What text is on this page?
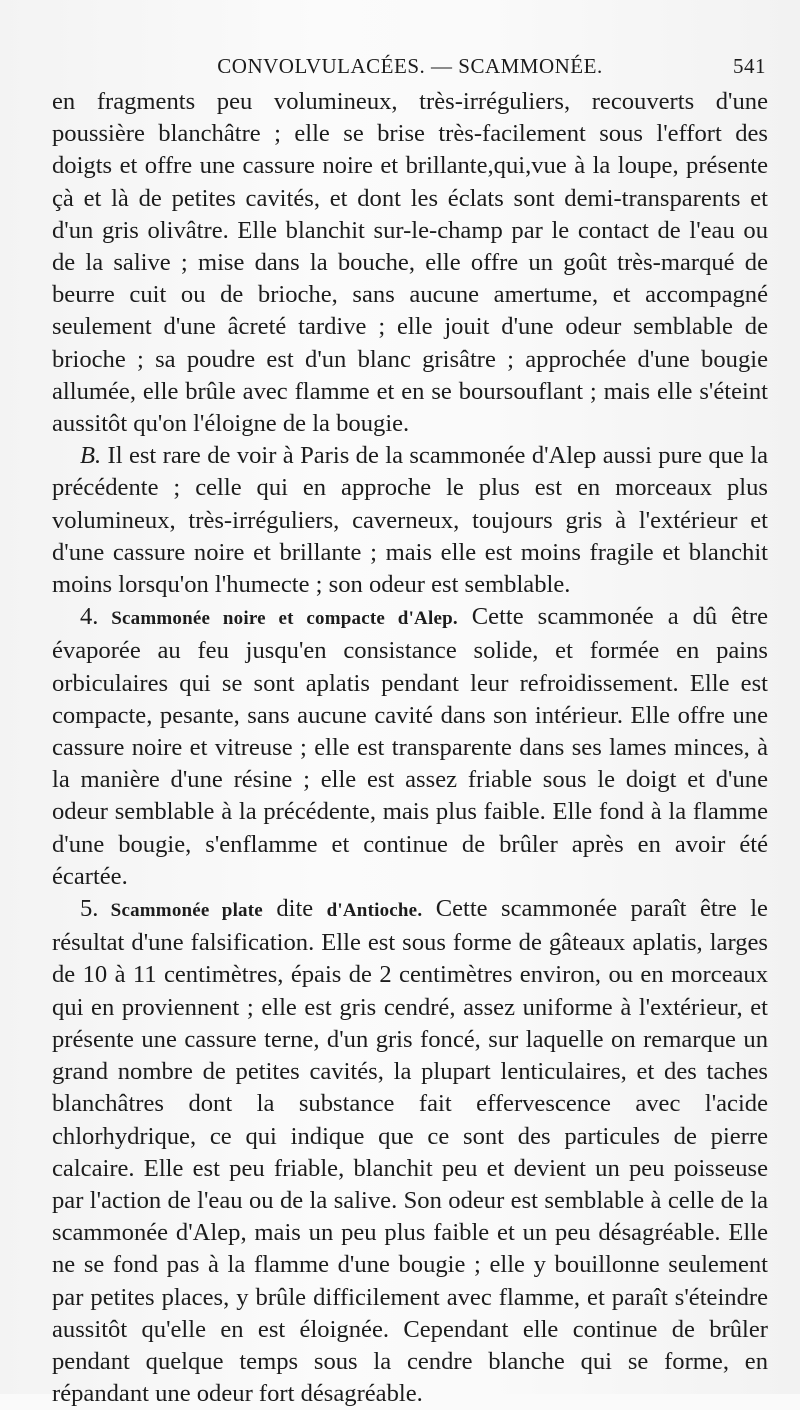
CONVOLVULACÉES. — SCAMMONÉE.	541

en fragments peu volumineux, très-irréguliers, recouverts d'une poussière blanchâtre ; elle se brise très-facilement sous l'effort des doigts et offre une cassure noire et brillante,qui,vue à la loupe, présente çà et là de petites cavités, et dont les éclats sont demi-transparents et d'un gris olivâtre. Elle blanchit sur-le-champ par le contact de l'eau ou de la salive ; mise dans la bouche, elle offre un goût très-marqué de beurre cuit ou de brioche, sans aucune amertume, et accompagné seulement d'une âcreté tardive ; elle jouit d'une odeur semblable de brioche ; sa poudre est d'un blanc grisâtre ; approchée d'une bougie allumée, elle brûle avec flamme et en se boursouflant ; mais elle s'éteint aussitôt qu'on l'éloigne de la bougie.

B. Il est rare de voir à Paris de la scammonée d'Alep aussi pure que la précédente ; celle qui en approche le plus est en morceaux plus volumineux, très-irréguliers, caverneux, toujours gris à l'extérieur et d'une cassure noire et brillante ; mais elle est moins fragile et blanchit moins lorsqu'on l'humecte ; son odeur est semblable.

4. Scammonée noire et compacte d'Alep. Cette scammonée a dû être évaporée au feu jusqu'en consistance solide, et formée en pains orbiculaires qui se sont aplatis pendant leur refroidissement. Elle est compacte, pesante, sans aucune cavité dans son intérieur. Elle offre une cassure noire et vitreuse ; elle est transparente dans ses lames minces, à la manière d'une résine ; elle est assez friable sous le doigt et d'une odeur semblable à la précédente, mais plus faible. Elle fond à la flamme d'une bougie, s'enflamme et continue de brûler après en avoir été écartée.

5. Scammonée plate dite d'Antioche. Cette scammonée paraît être le résultat d'une falsification. Elle est sous forme de gâteaux aplatis, larges de 10 à 11 centimètres, épais de 2 centimètres environ, ou en morceaux qui en proviennent ; elle est gris cendré, assez uniforme à l'extérieur, et présente une cassure terne, d'un gris foncé, sur laquelle on remarque un grand nombre de petites cavités, la plupart lenticulaires, et des taches blanchâtres dont la substance fait effervescence avec l'acide chlorhydrique, ce qui indique que ce sont des particules de pierre calcaire. Elle est peu friable, blanchit peu et devient un peu poisseuse par l'action de l'eau ou de la salive. Son odeur est semblable à celle de la scammonée d'Alep, mais un peu plus faible et un peu désagréable. Elle ne se fond pas à la flamme d'une bougie ; elle y bouillonne seulement par petites places, y brûle difficilement avec flamme, et paraît s'éteindre aussitôt qu'elle en est éloignée. Cependant elle continue de brûler pendant quelque temps sous la cendre blanche qui se forme, en répandant une odeur fort désagréable.
